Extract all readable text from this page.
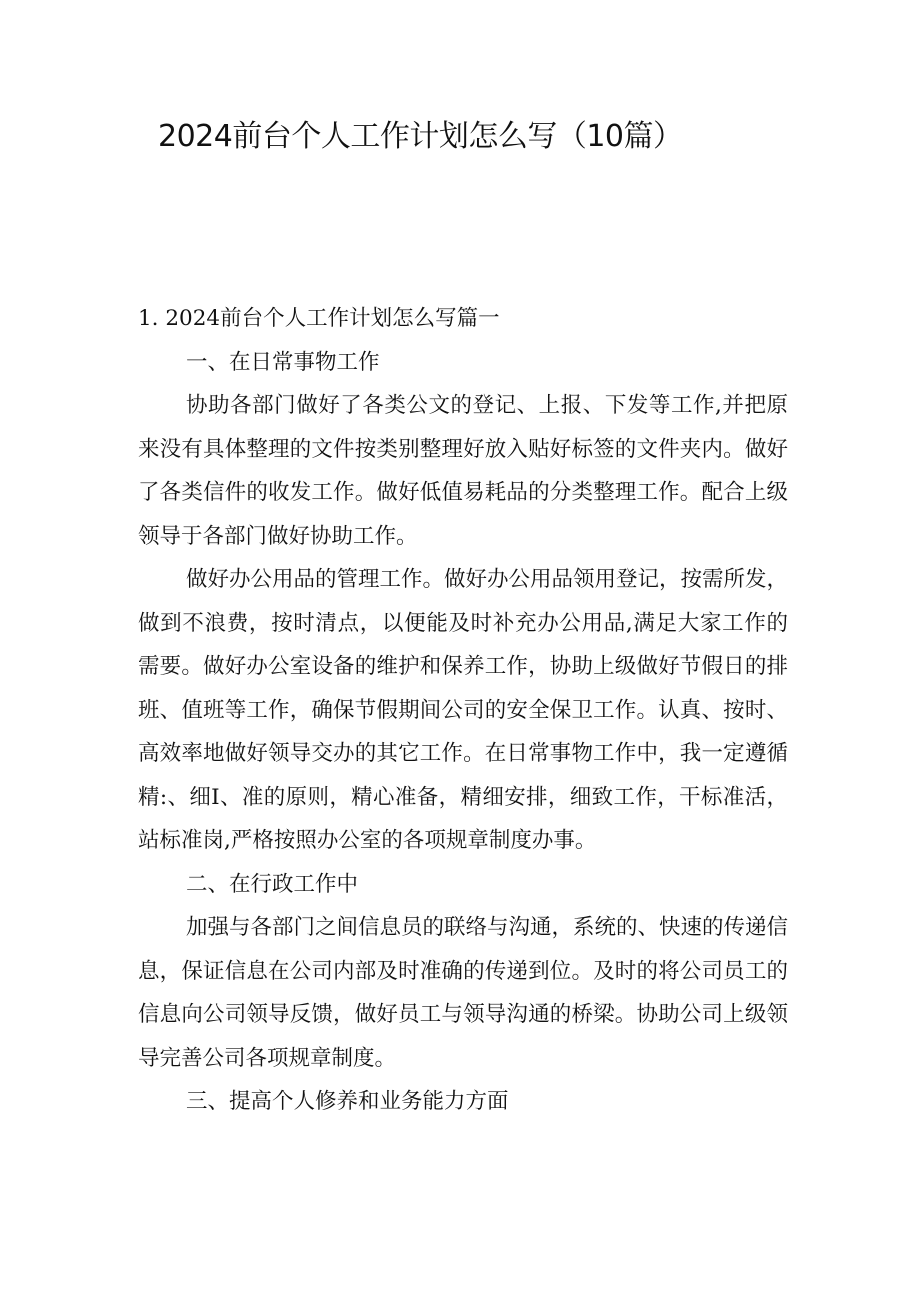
2024前台个人工作计划怎么写（10篇）

1. 2024前台个人工作计划怎么写篇一

一、在日常事物工作

协助各部门做好了各类公文的登记、上报、下发等工作,并把原来没有具体整理的文件按类别整理好放入贴好标签的文件夹内。做好了各类信件的收发工作。做好低值易耗品的分类整理工作。配合上级领导于各部门做好协助工作。

做好办公用品的管理工作。做好办公用品领用登记，按需所发，做到不浪费，按时清点，以便能及时补充办公用品,满足大家工作的需要。做好办公室设备的维护和保养工作，协助上级做好节假日的排班、值班等工作，确保节假期间公司的安全保卫工作。认真、按时、高效率地做好领导交办的其它工作。在日常事物工作中，我一定遵循精:、细I、准的原则，精心准备，精细安排，细致工作，干标准活，站标准岗,严格按照办公室的各项规章制度办事。

二、在行政工作中

加强与各部门之间信息员的联络与沟通，系统的、快速的传递信息，保证信息在公司内部及时准确的传递到位。及时的将公司员工的信息向公司领导反馈，做好员工与领导沟通的桥梁。协助公司上级领导完善公司各项规章制度。

三、提高个人修养和业务能力方面
